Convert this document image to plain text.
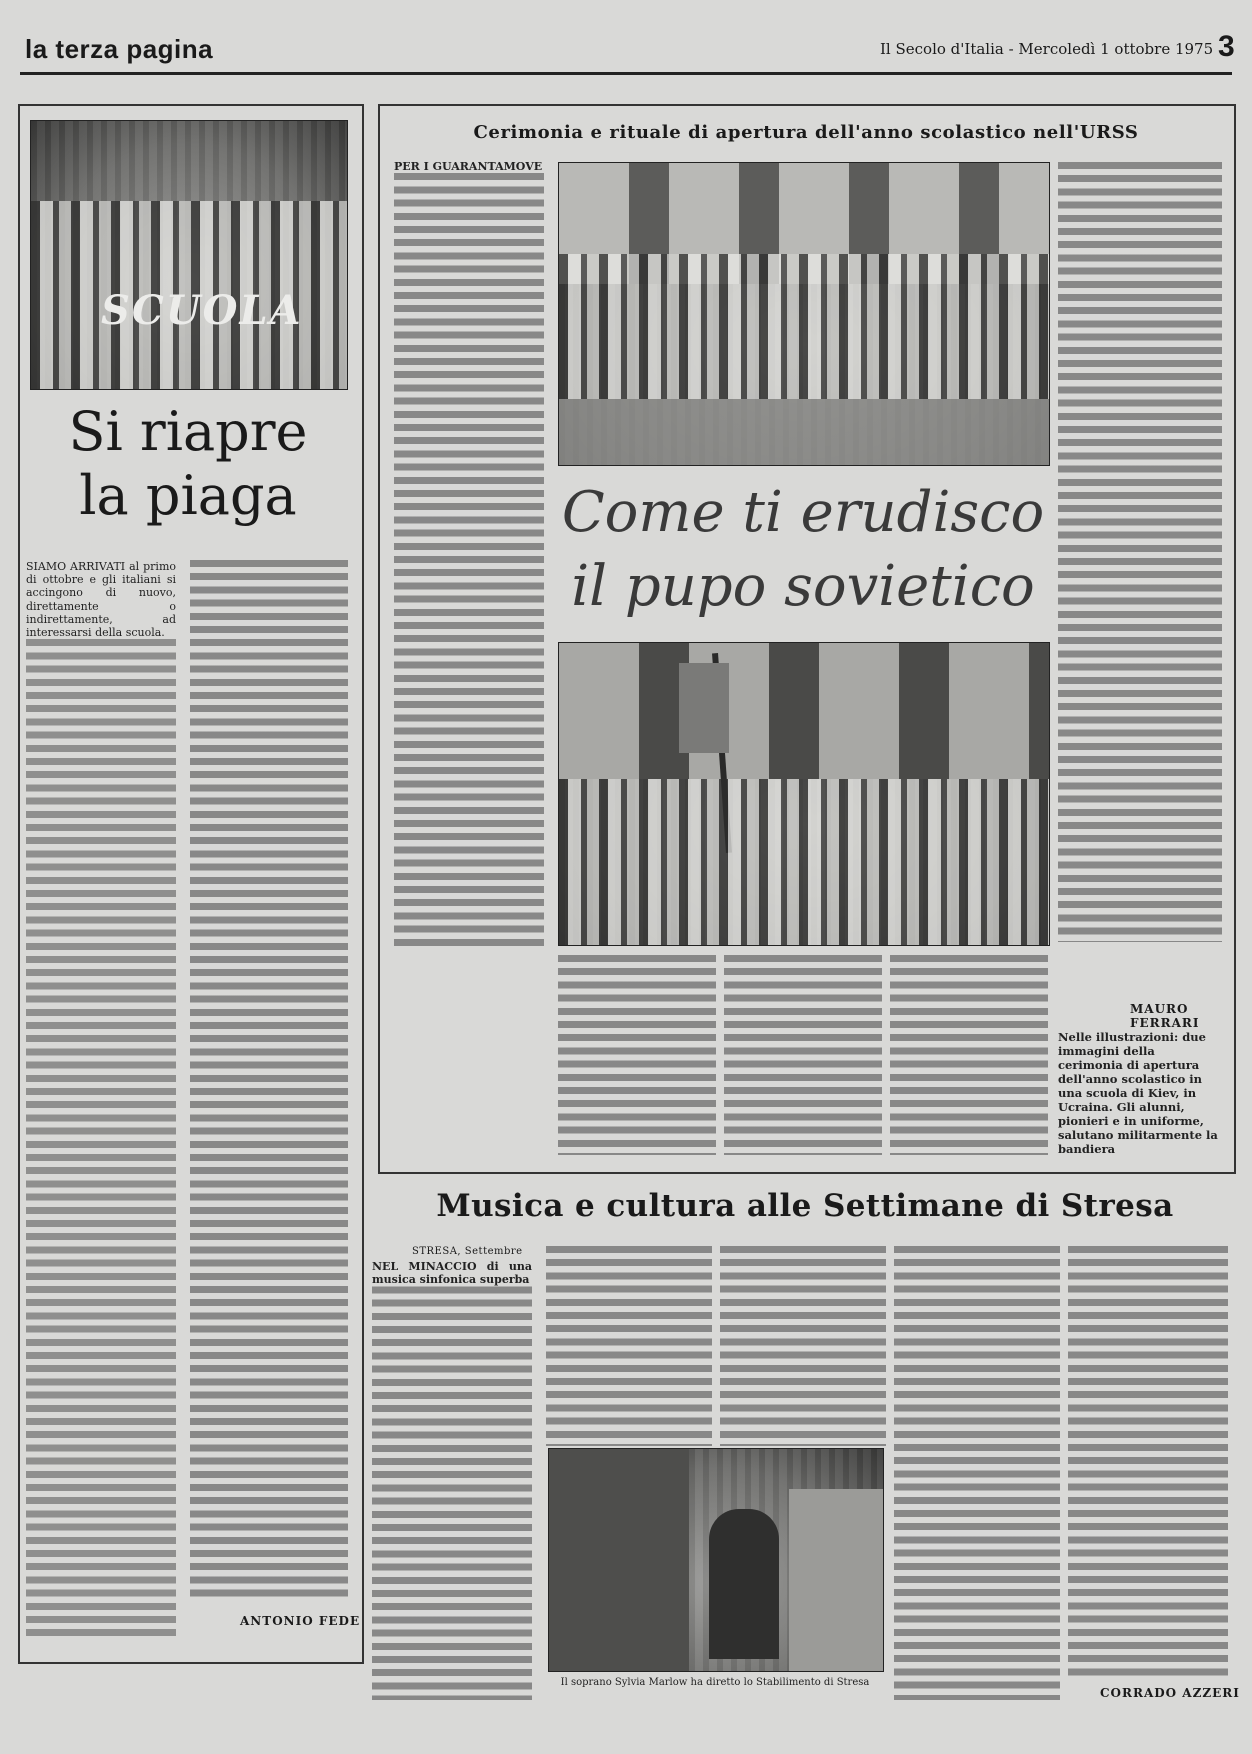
la terza pagina	Il Secolo d'Italia - Mercoledì 1 ottobre 1975 3
SCUOLA
Si riapre
la piaga
SIAMO ARRIVATI al primo di ottobre e gli italiani si accingono di nuovo, direttamente o indirettamente, ad interessarsi della scuola.
ANTONIO FEDE
Cerimonia e rituale di apertura dell'anno scolastico nell'URSS
PER I GUARANTAMOVE
Come ti erudisco
il pupo sovietico
MAURO FERRARI
Nelle illustrazioni: due immagini della cerimonia di apertura dell'anno scolastico in una scuola di Kiev, in Ucraina. Gli alunni, pionieri e in uniforme, salutano militarmente la bandiera
Musica e cultura alle Settimane di Stresa
STRESA, Settembre
NEL MINACCIO di una musica sinfonica superba
Il soprano Sylvia Marlow ha diretto lo Stabilimento di Stresa
CORRADO AZZERI
